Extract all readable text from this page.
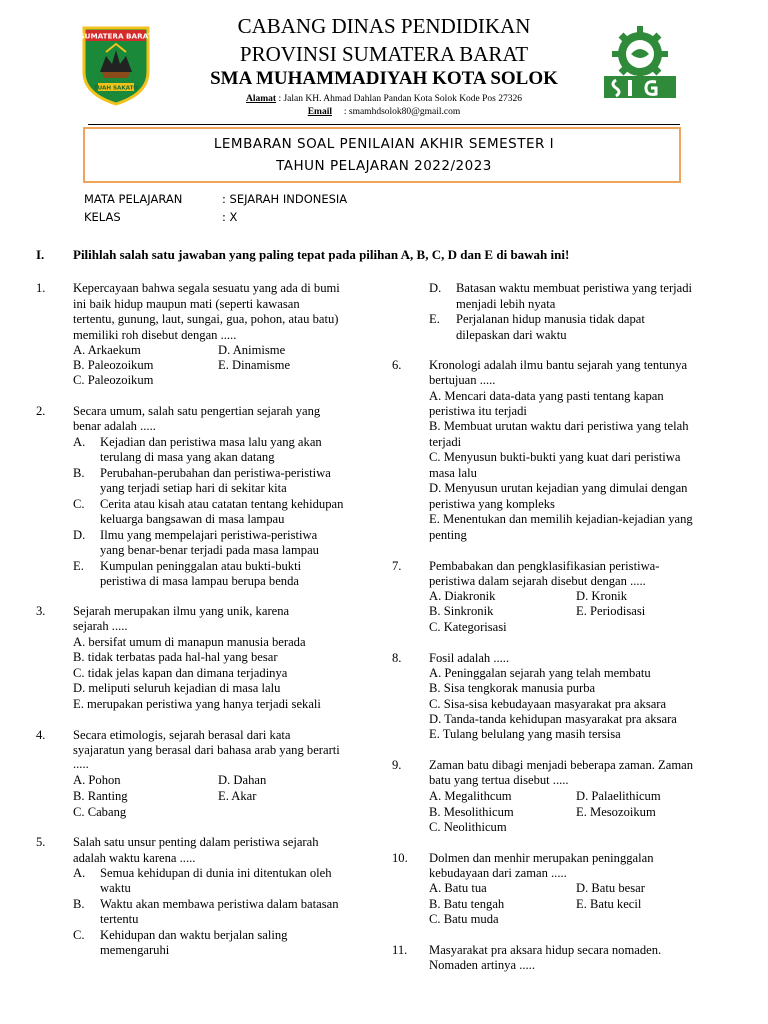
SUMATERA BARAT
TUAH SAKATO
CABANG DINAS PENDIDIKAN
PROVINSI SUMATERA BARAT
SMA MUHAMMADIYAH KOTA SOLOK
Alamat : Jalan KH. Ahmad Dahlan Pandan Kota Solok Kode Pos 27326
Email     : smamhdsolok80@gmail.com
LEMBARAN SOAL PENILAIAN AKHIR SEMESTER I
TAHUN PELAJARAN 2022/2023
MATA PELAJARAN	: SEJARAH INDONESIA
KELAS	: X
I. Pilihlah salah satu jawaban yang paling tepat pada pilihan A, B, C, D dan E di bawah ini!
1. Kepercayaan bahwa segala sesuatu yang ada di bumi
ini baik hidup maupun mati (seperti kawasan
tertentu, gunung, laut, sungai, gua, pohon, atau batu)
memiliki roh disebut dengan .....
A. Arkaekum	D. Animisme
B. Paleozoikum	E. Dinamisme
C. Paleozoikum
2. Secara umum, salah satu pengertian sejarah yang
benar adalah .....
A. Kejadian dan peristiwa masa lalu yang akan
terulang di masa yang akan datang
B. Perubahan-perubahan dan peristiwa-peristiwa
yang terjadi setiap hari di sekitar kita
C. Cerita atau kisah atau catatan tentang kehidupan
keluarga bangsawan di masa lampau
D. Ilmu yang mempelajari peristiwa-peristiwa
yang benar-benar terjadi pada masa lampau
E. Kumpulan peninggalan atau bukti-bukti
peristiwa di masa lampau berupa benda
3. Sejarah merupakan ilmu yang unik, karena
sejarah .....
A. bersifat umum di manapun manusia berada
B. tidak terbatas pada hal-hal yang besar
C. tidak jelas kapan dan dimana terjadinya
D. meliputi seluruh kejadian di masa lalu
E. merupakan peristiwa yang hanya terjadi sekali
4. Secara etimologis, sejarah berasal dari kata
syajaratun yang berasal dari bahasa arab yang berarti
.....
A. Pohon	D. Dahan
B. Ranting	E. Akar
C. Cabang
5. Salah satu unsur penting dalam peristiwa sejarah
adalah waktu karena .....
A. Semua kehidupan di dunia ini ditentukan oleh
waktu
B. Waktu akan membawa peristiwa dalam batasan
tertentu
C. Kehidupan dan waktu berjalan saling
memengaruhi
D. Batasan waktu membuat peristiwa yang terjadi
menjadi lebih nyata
E. Perjalanan hidup manusia tidak dapat
dilepaskan dari waktu
6. Kronologi adalah ilmu bantu sejarah yang tentunya
bertujuan .....
A. Mencari data-data yang pasti tentang kapan
peristiwa itu terjadi
B. Membuat urutan waktu dari peristiwa yang telah
terjadi
C. Menyusun bukti-bukti yang kuat dari peristiwa
masa lalu
D. Menyusun urutan kejadian yang dimulai dengan
peristiwa yang kompleks
E. Menentukan dan memilih kejadian-kejadian yang
penting
7. Pembabakan dan pengklasifikasian peristiwa-
peristiwa dalam sejarah disebut dengan .....
A. Diakronik	D. Kronik
B. Sinkronik	E. Periodisasi
C. Kategorisasi
8. Fosil adalah .....
A. Peninggalan sejarah yang telah membatu
B. Sisa tengkorak manusia purba
C. Sisa-sisa kebudayaan masyarakat pra aksara
D. Tanda-tanda kehidupan masyarakat pra aksara
E. Tulang belulang yang masih tersisa
9. Zaman batu dibagi menjadi beberapa zaman. Zaman
batu yang tertua disebut .....
A. Megalithcum	D. Palaelithicum
B. Mesolithicum	E. Mesozoikum
C. Neolithicum
10. Dolmen dan menhir merupakan peninggalan
kebudayaan dari zaman .....
A. Batu tua	D. Batu besar
B. Batu tengah	E. Batu kecil
C. Batu muda
11. Masyarakat pra aksara hidup secara nomaden.
Nomaden artinya .....
